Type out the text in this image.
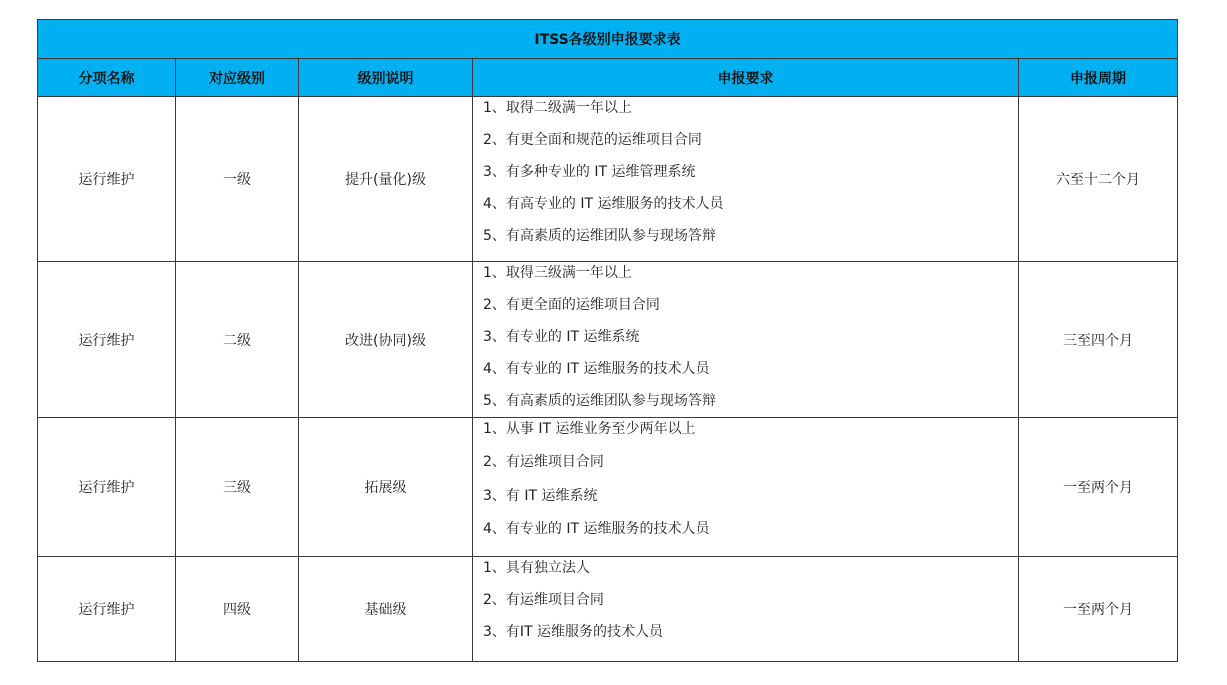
ITSS各级别申报要求表				
分项名称	对应级别	级别说明	申报要求	申报周期
运行维护	一级	提升(量化)级	1、取得二级满一年以上
2、有更全面和规范的运维项目合同
3、有多种专业的 IT 运维管理系统
4、有高专业的 IT 运维服务的技术人员
5、有高素质的运维团队参与现场答辩	六至十二个月
运行维护	二级	改进(协同)级	1、取得三级满一年以上
2、有更全面的运维项目合同
3、有专业的 IT 运维系统
4、有专业的 IT 运维服务的技术人员
5、有高素质的运维团队参与现场答辩	三至四个月
运行维护	三级	拓展级	1、从事 IT 运维业务至少两年以上
2、有运维项目合同
3、有 IT 运维系统
4、有专业的 IT 运维服务的技术人员	一至两个月
运行维护	四级	基础级	1、具有独立法人
2、有运维项目合同
3、有IT 运维服务的技术人员	一至两个月
